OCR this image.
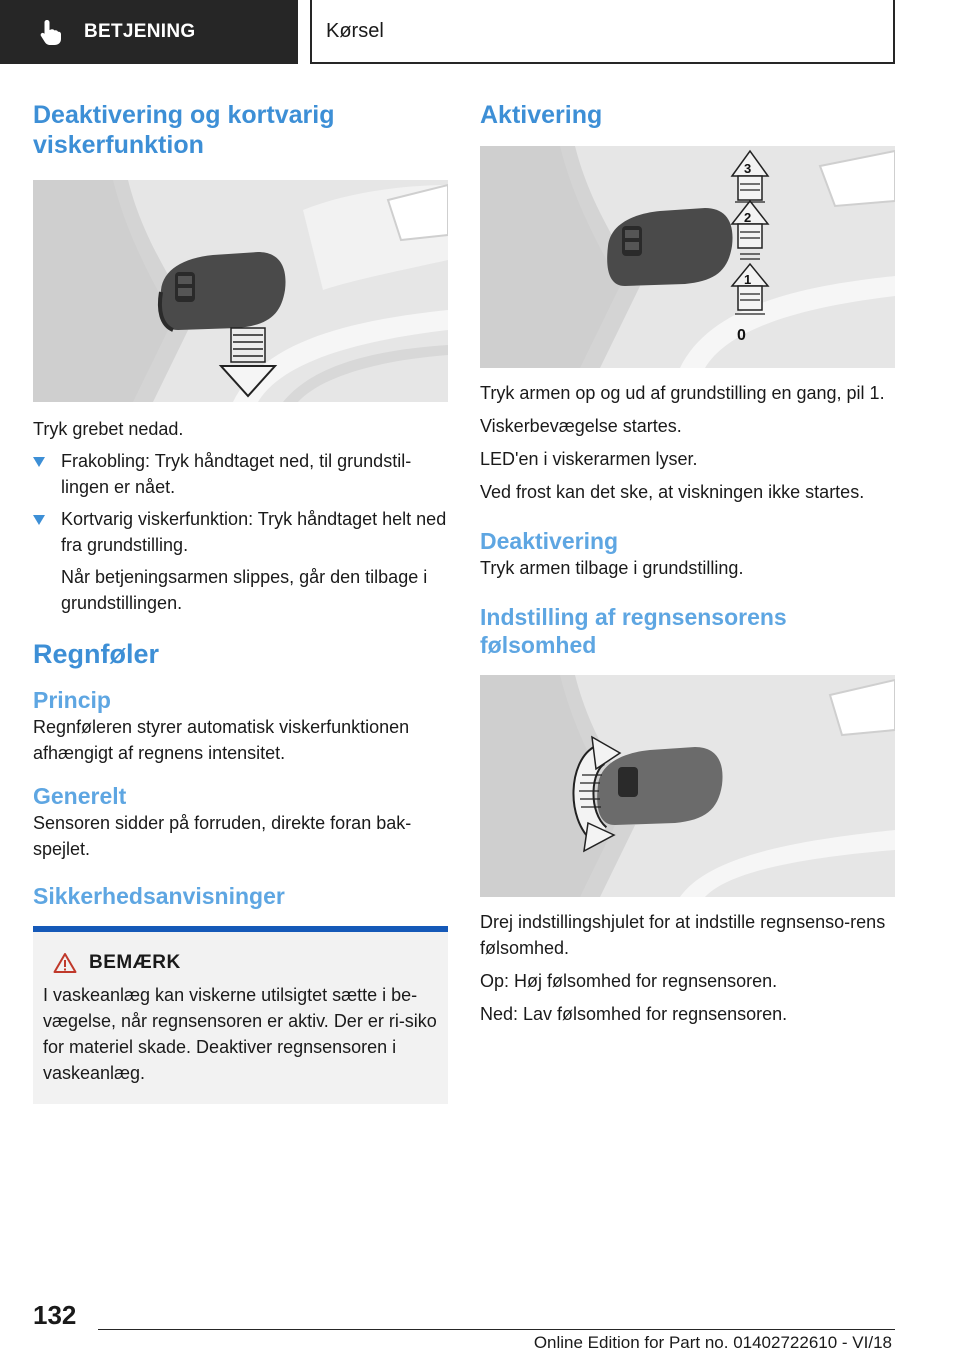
BETJENING	Kørsel
Deaktivering og kortvarig viskerfunktion

Tryk grebet nedad.

Frakobling: Tryk håndtaget ned, til grundstil-lingen er nået.
Kortvarig viskerfunktion: Tryk håndtaget helt ned fra grundstilling.

Når betjeningsarmen slippes, går den tilbage i grundstillingen.

Regnføler
Princip

Regnføleren styrer automatisk viskerfunktionen afhængigt af regnens intensitet.

Generelt

Sensoren sidder på forruden, direkte foran bak-spejlet.

Sikkerhedsanvisninger
BEMÆRK

I vaskeanlæg kan viskerne utilsigtet sætte i be-vægelse, når regnsensoren er aktiv. Der er ri-siko for materiel skade. Deaktiver regnsensoren i vaskeanlæg.

Aktivering
3
2
1
0

Tryk armen op og ud af grundstilling en gang, pil 1.

Viskerbevægelse startes.

LED'en i viskerarmen lyser.

Ved frost kan det ske, at viskningen ikke startes.

Deaktivering

Tryk armen tilbage i grundstilling.

Indstilling af regnsensorens følsomhed

Drej indstillingshjulet for at indstille regnsenso-rens følsomhed.

Op: Høj følsomhed for regnsensoren.

Ned: Lav følsomhed for regnsensoren.

132
Online Edition for Part no. 01402722610 - VI/18
